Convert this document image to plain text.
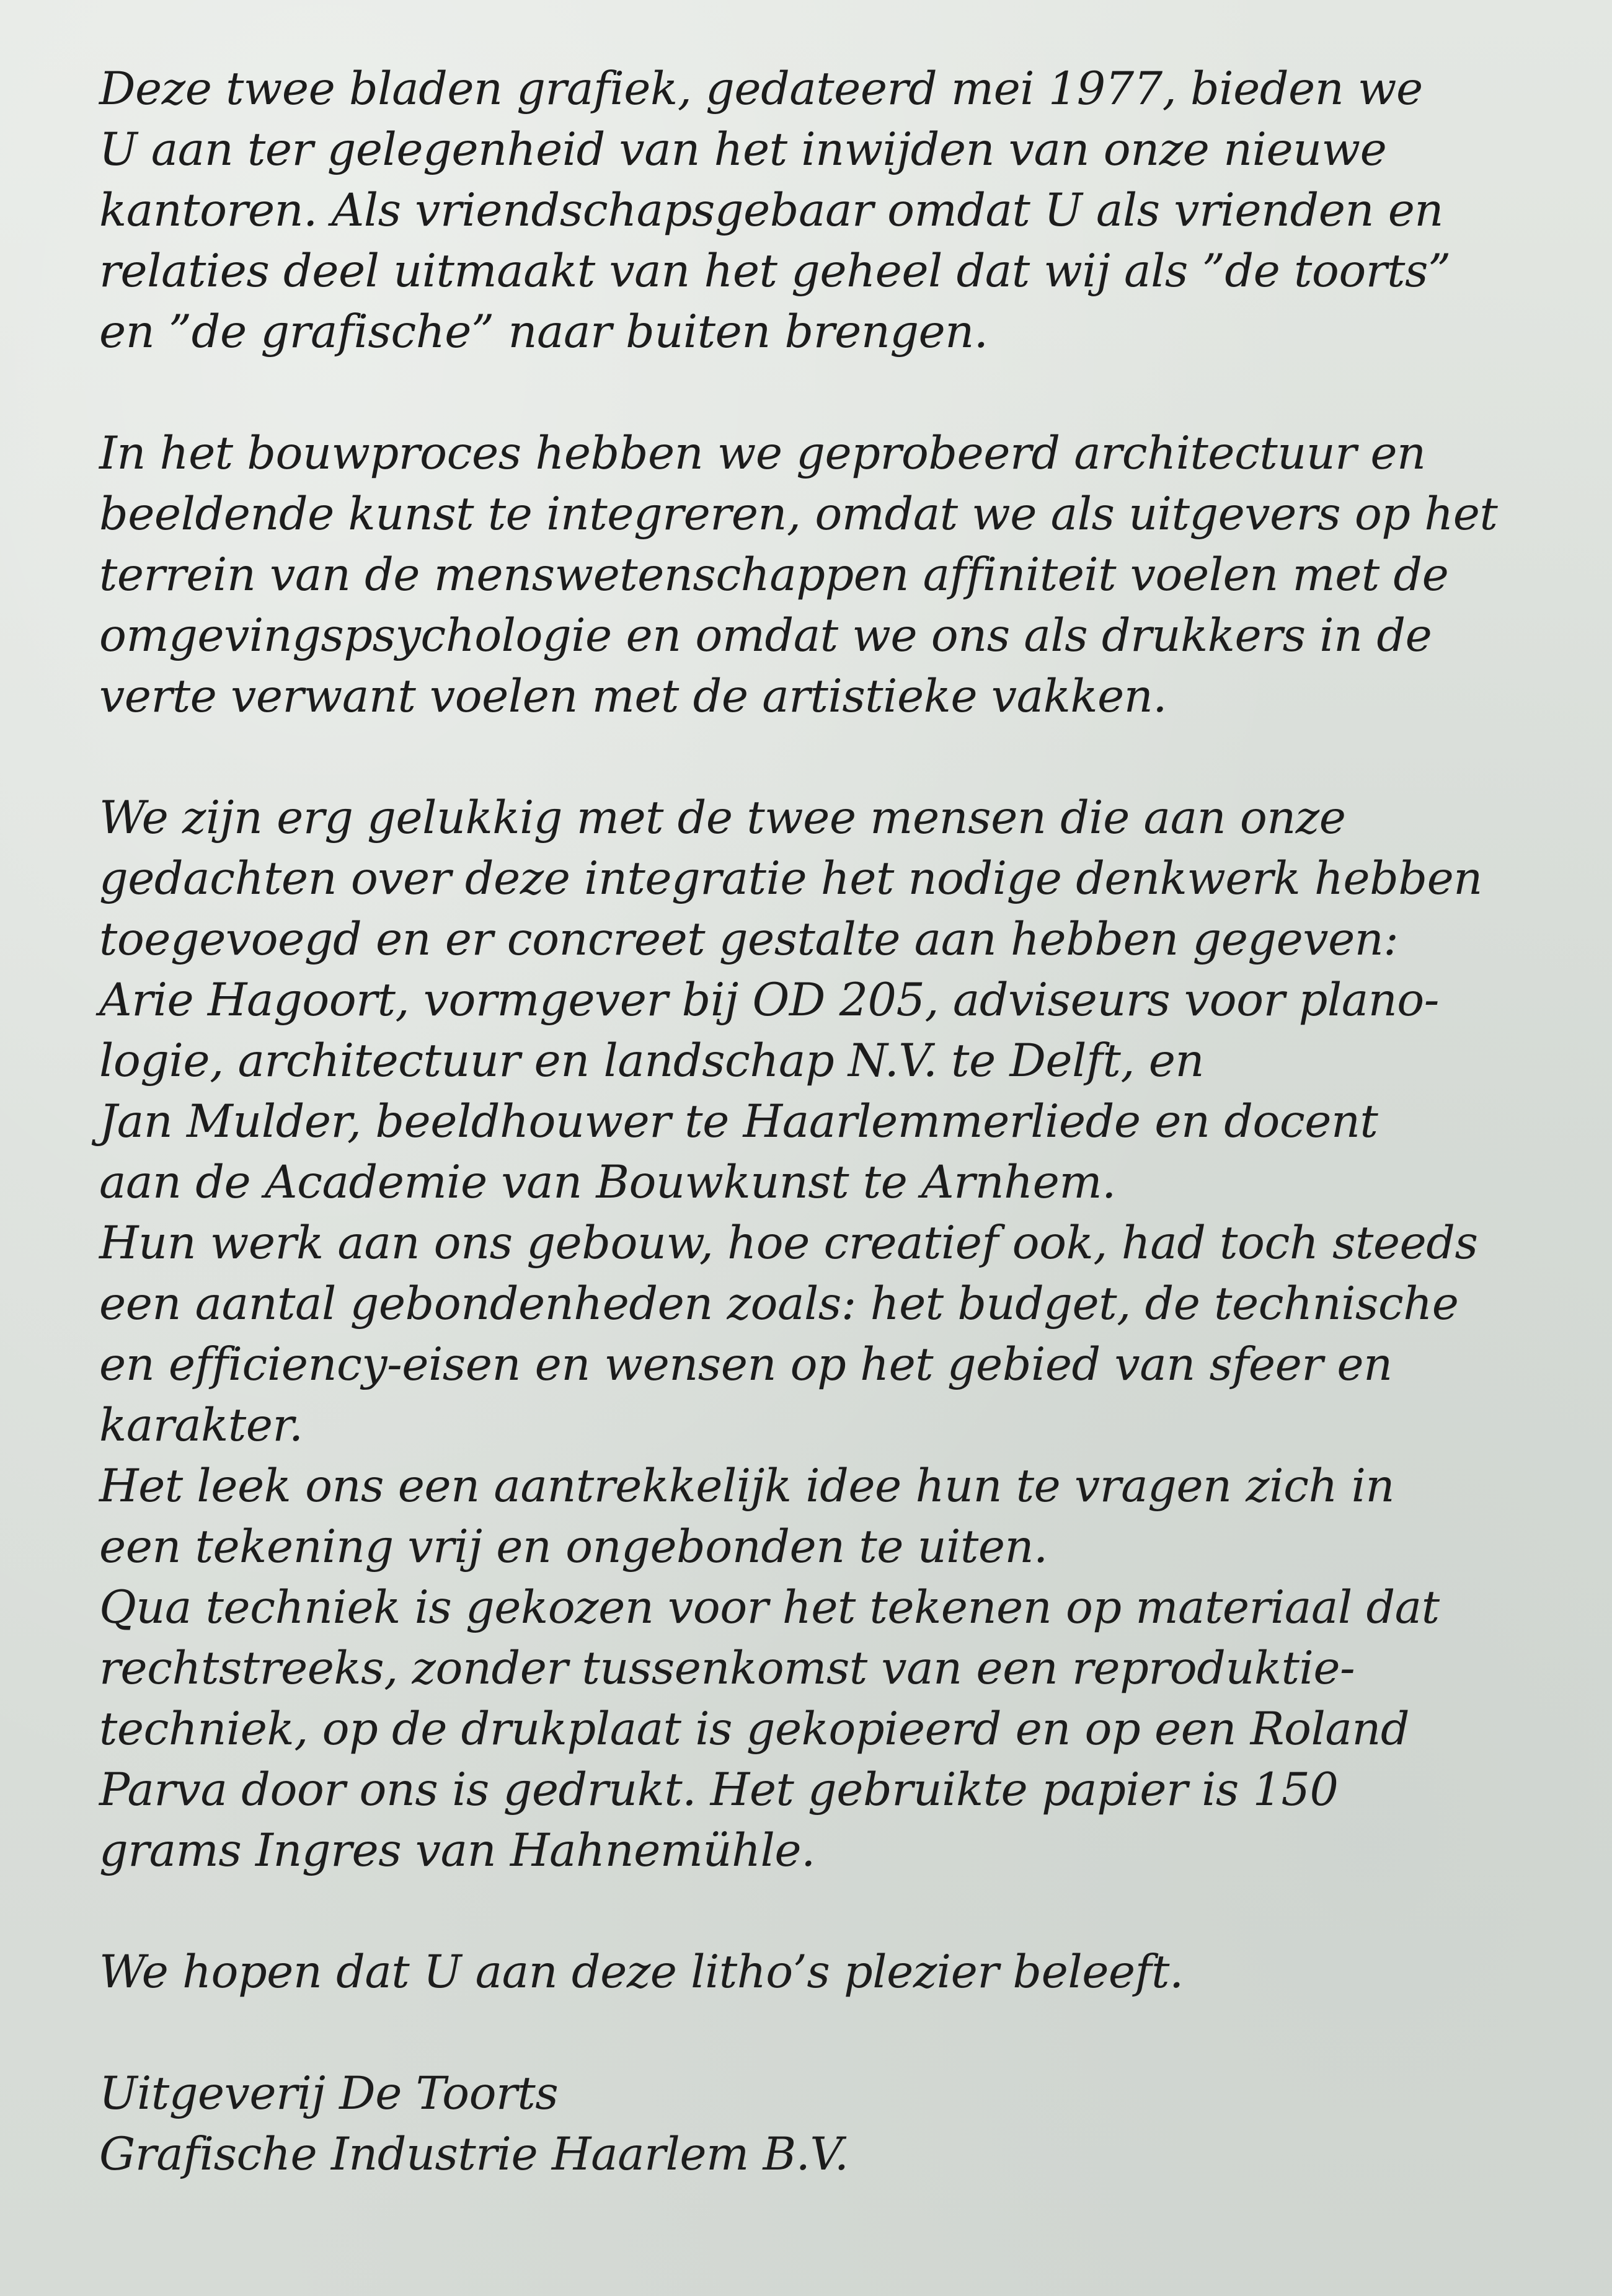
Deze twee bladen grafiek, gedateerd mei 1977, bieden we
U aan ter gelegenheid van het inwijden van onze nieuwe
kantoren. Als vriendschapsgebaar omdat U als vrienden en
relaties deel uitmaakt van het geheel dat wij als ”de toorts”
en ”de grafische” naar buiten brengen.

In het bouwproces hebben we geprobeerd architectuur en
beeldende kunst te integreren, omdat we als uitgevers op het
terrein van de menswetenschappen affiniteit voelen met de
omgevingspsychologie en omdat we ons als drukkers in de
verte verwant voelen met de artistieke vakken.

We zijn erg gelukkig met de twee mensen die aan onze
gedachten over deze integratie het nodige denkwerk hebben
toegevoegd en er concreet gestalte aan hebben gegeven:
Arie Hagoort, vormgever bij OD 205, adviseurs voor plano-
logie, architectuur en landschap N.V. te Delft, en
Jan Mulder, beeldhouwer te Haarlemmerliede en docent
aan de Academie van Bouwkunst te Arnhem.
Hun werk aan ons gebouw, hoe creatief ook, had toch steeds
een aantal gebondenheden zoals: het budget, de technische
en efficiency-eisen en wensen op het gebied van sfeer en
karakter.
Het leek ons een aantrekkelijk idee hun te vragen zich in
een tekening vrij en ongebonden te uiten.
Qua techniek is gekozen voor het tekenen op materiaal dat
rechtstreeks, zonder tussenkomst van een reproduktie-
techniek, op de drukplaat is gekopieerd en op een Roland
Parva door ons is gedrukt. Het gebruikte papier is 150
grams Ingres van Hahnemühle.

We hopen dat U aan deze litho’s plezier beleeft.

Uitgeverij De Toorts
Grafische Industrie Haarlem B.V.
